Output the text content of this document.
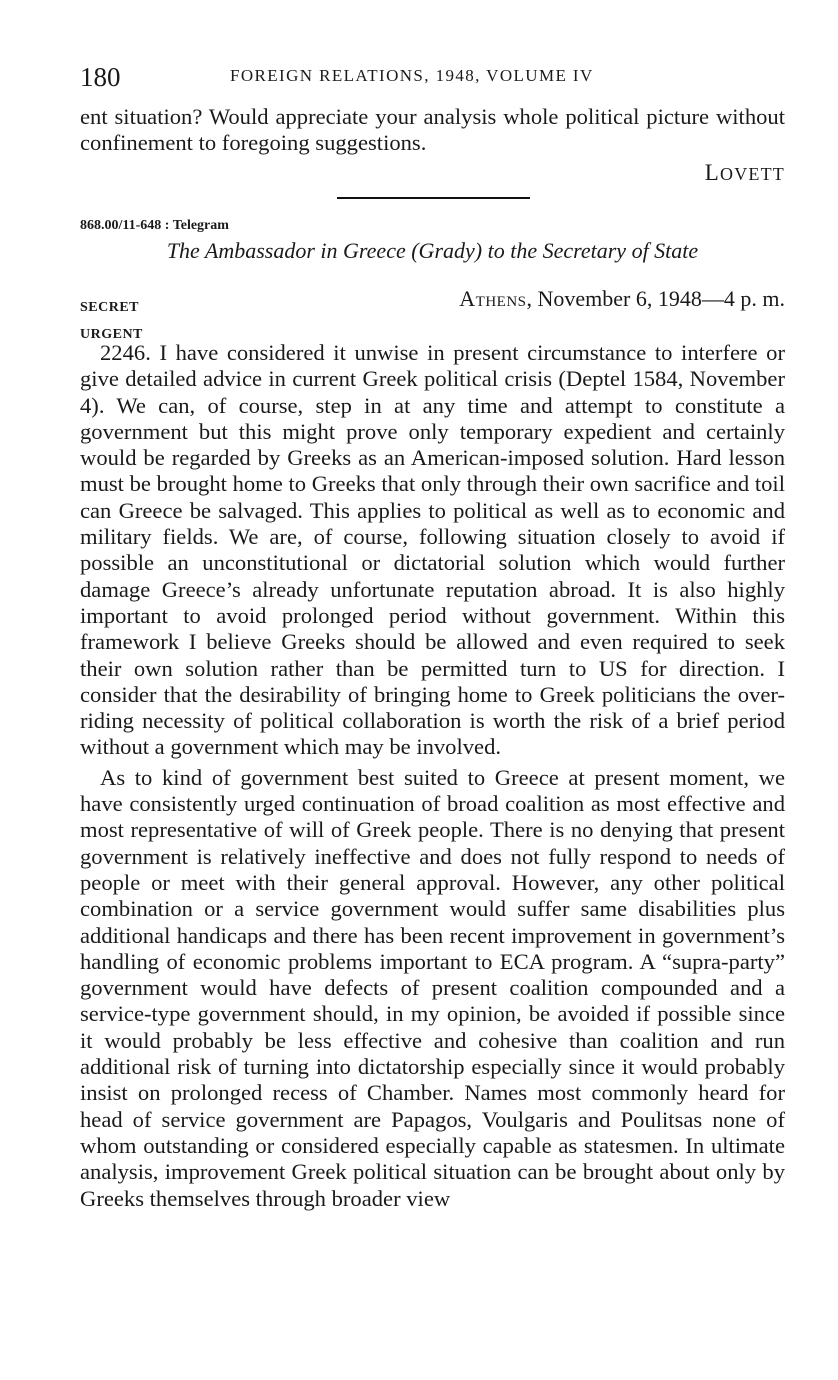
180	FOREIGN RELATIONS, 1948, VOLUME IV

ent situation? Would appreciate your analysis whole political picture without confinement to foregoing suggestions.

LOVETT
868.00/11-648 : Telegram
The Ambassador in Greece (Grady) to the Secretary of State
SECRET
URGENT
Athens, November 6, 1948—4 p. m.

2246. I have considered it unwise in present circumstance to interfere or give detailed advice in current Greek political crisis (Deptel 1584, November 4). We can, of course, step in at any time and attempt to constitute a government but this might prove only temporary expedient and certainly would be regarded by Greeks as an American-imposed solution. Hard lesson must be brought home to Greeks that only through their own sacrifice and toil can Greece be salvaged. This applies to political as well as to economic and military fields. We are, of course, following situation closely to avoid if possible an unconstitutional or dictatorial solution which would further damage Greece’s already unfortunate reputation abroad. It is also highly important to avoid prolonged period without government. Within this framework I believe Greeks should be allowed and even required to seek their own solution rather than be permitted turn to US for direction. I consider that the desirability of bringing home to Greek politicians the over-riding necessity of political collaboration is worth the risk of a brief period without a government which may be involved.

As to kind of government best suited to Greece at present moment, we have consistently urged continuation of broad coalition as most effective and most representative of will of Greek people. There is no denying that present government is relatively ineffective and does not fully respond to needs of people or meet with their general approval. However, any other political combination or a service government would suffer same disabilities plus additional handicaps and there has been recent improvement in government’s handling of economic problems important to ECA program. A “supra-party” government would have defects of present coalition compounded and a service-type government should, in my opinion, be avoided if possible since it would probably be less effective and cohesive than coalition and run additional risk of turning into dictatorship especially since it would probably insist on prolonged recess of Chamber. Names most commonly heard for head of service government are Papagos, Voulgaris and Poulitsas none of whom outstanding or considered especially capable as statesmen. In ultimate analysis, improvement Greek political situation can be brought about only by Greeks themselves through broader view
